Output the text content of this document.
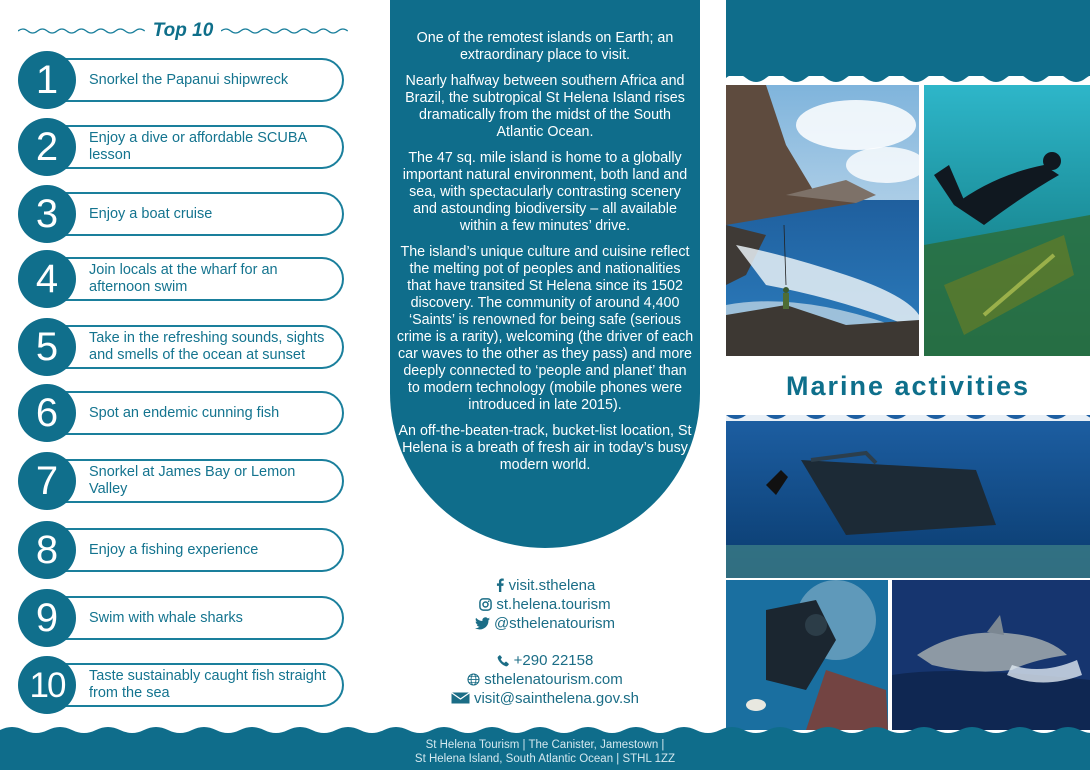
Top 10
1	Snorkel the Papanui shipwreck
2	Enjoy a dive or affordable SCUBA lesson
3	Enjoy a boat cruise
4	Join locals at the wharf for an afternoon swim
5	Take in the refreshing sounds, sights and smells of the ocean at sunset
6	Spot an endemic cunning fish
7	Snorkel at James Bay or Lemon Valley
8	Enjoy a fishing experience
9	Swim with whale sharks
10	Taste sustainably caught fish straight from the sea

One of the remotest islands on Earth; an extraordinary place to visit.

Nearly halfway between southern Africa and Brazil, the subtropical St Helena Island rises dramatically from the midst of the South Atlantic Ocean.

The 47 sq. mile island is home to a globally important natural environment, both land and sea, with spectacularly contrasting scenery and astounding biodiversity – all available within a few minutes’ drive.

The island’s unique culture and cuisine reflect the melting pot of peoples and nationalities that have transited St Helena since its 1502 discovery. The community of around 4,400 ‘Saints’ is renowned for being safe (serious crime is a rarity), welcoming (the driver of each car waves to the other as they pass) and more deeply connected to ‘people and planet’ than to modern technology (mobile phones were introduced in late 2015).

An off-the-beaten-track, bucket-list location, St Helena is a breath of fresh air in today’s busy modern world.

visit.sthelena
st.helena.tourism
@sthelenatourism
+290 22158
sthelenatourism.com
visit@sainthelena.gov.sh
Marine activities
St Helena Tourism | The Canister, Jamestown |
St Helena Island, South Atlantic Ocean | STHL 1ZZ
